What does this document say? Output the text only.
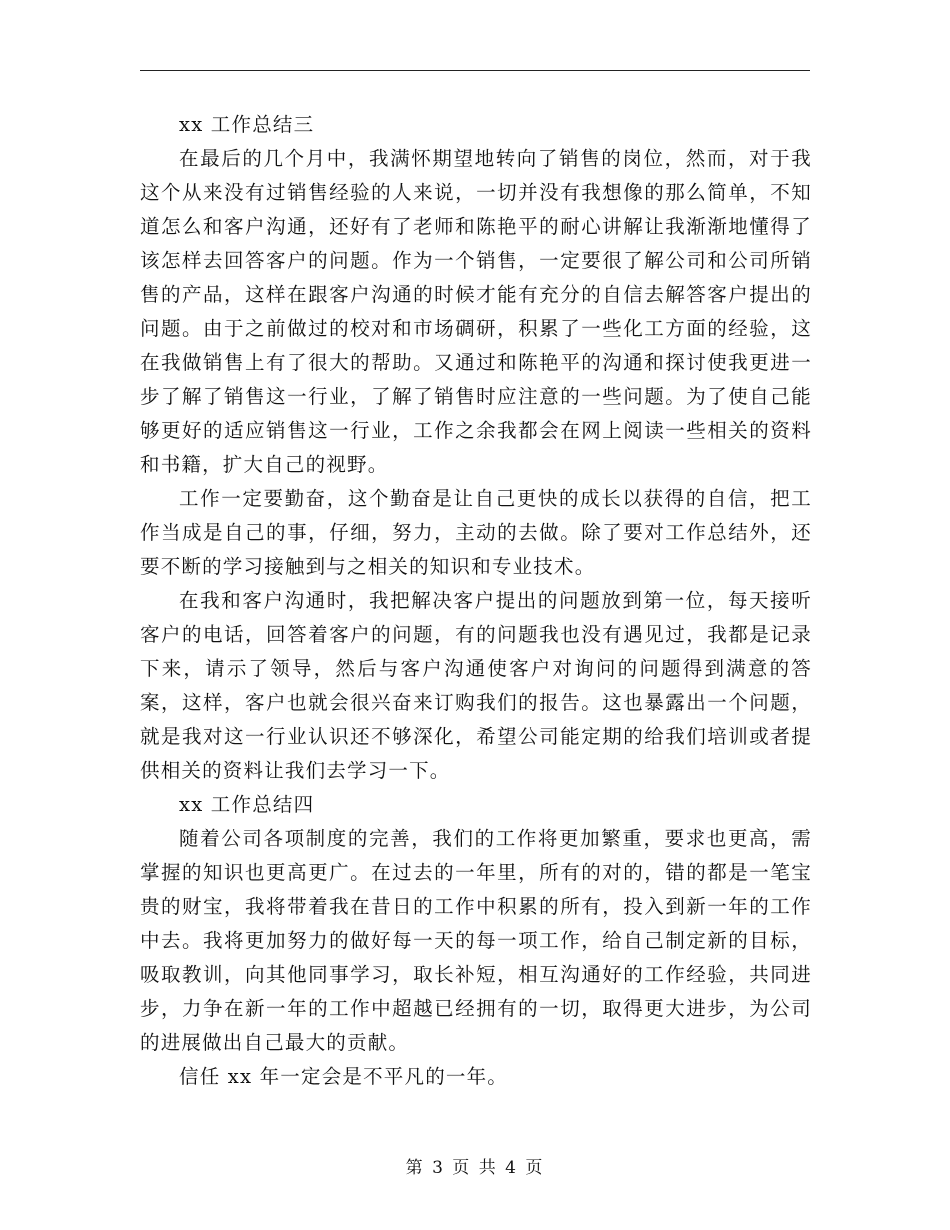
xx 工作总结三

在最后的几个月中，我满怀期望地转向了销售的岗位，然而，对于我这个从来没有过销售经验的人来说，一切并没有我想像的那么简单，不知道怎么和客户沟通，还好有了老师和陈艳平的耐心讲解让我渐渐地懂得了该怎样去回答客户的问题。作为一个销售，一定要很了解公司和公司所销售的产品，这样在跟客户沟通的时候才能有充分的自信去解答客户提出的问题。由于之前做过的校对和市场碉研，积累了一些化工方面的经验，这在我做销售上有了很大的帮助。又通过和陈艳平的沟通和探讨使我更进一步了解了销售这一行业，了解了销售时应注意的一些问题。为了使自己能够更好的适应销售这一行业，工作之余我都会在网上阅读一些相关的资料和书籍，扩大自己的视野。

工作一定要勤奋，这个勤奋是让自己更快的成长以获得的自信，把工作当成是自己的事，仔细，努力，主动的去做。除了要对工作总结外，还要不断的学习接触到与之相关的知识和专业技术。

在我和客户沟通时，我把解决客户提出的问题放到第一位，每天接听客户的电话，回答着客户的问题，有的问题我也没有遇见过，我都是记录下来，请示了领导，然后与客户沟通使客户对询问的问题得到满意的答案，这样，客户也就会很兴奋来订购我们的报告。这也暴露出一个问题，就是我对这一行业认识还不够深化，希望公司能定期的给我们培训或者提供相关的资料让我们去学习一下。

xx 工作总结四

随着公司各项制度的完善，我们的工作将更加繁重，要求也更高，需掌握的知识也更高更广。在过去的一年里，所有的对的，错的都是一笔宝贵的财宝，我将带着我在昔日的工作中积累的所有，投入到新一年的工作中去。我将更加努力的做好每一天的每一项工作，给自己制定新的目标，吸取教训，向其他同事学习，取长补短，相互沟通好的工作经验，共同进步，力争在新一年的工作中超越已经拥有的一切，取得更大进步，为公司的进展做出自己最大的贡献。

信任 xx 年一定会是不平凡的一年。

第 3 页 共 4 页
